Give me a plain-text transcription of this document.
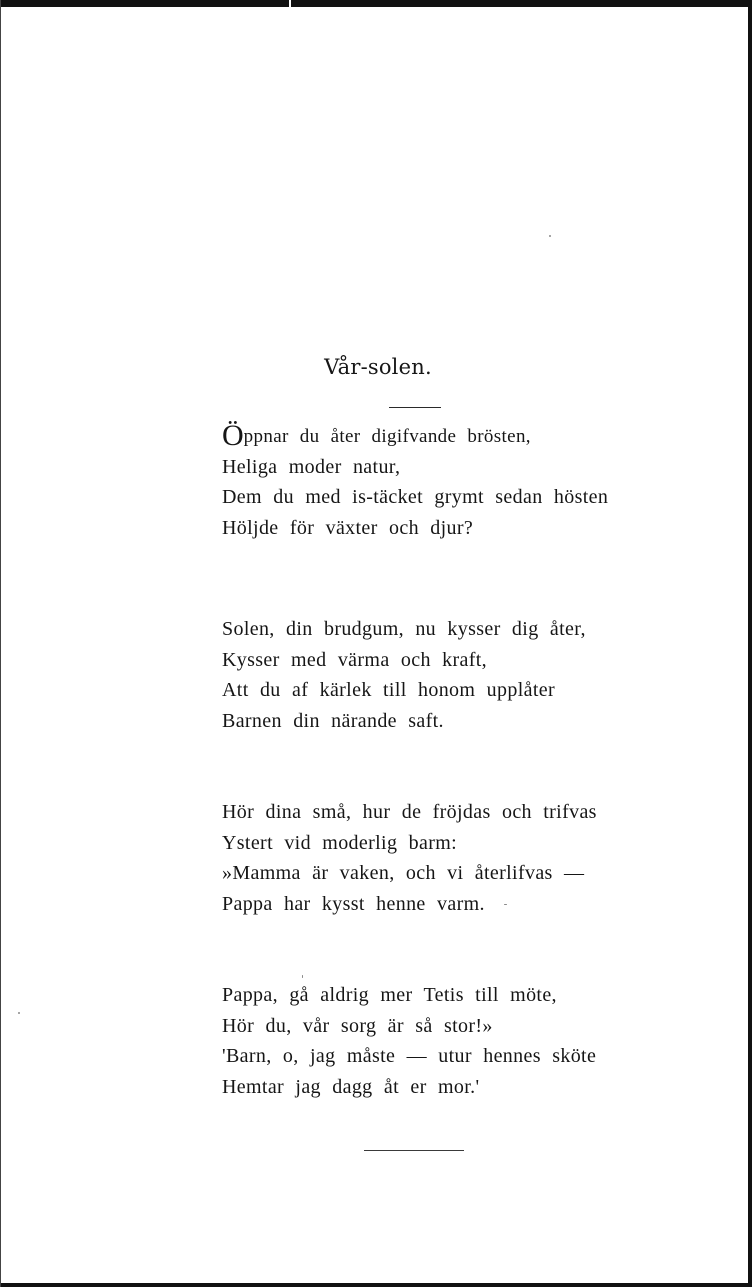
Vår-solen.
Öppnar du åter digifvande brösten,
Heliga moder natur,
Dem du med is-täcket grymt sedan hösten
Höljde för växter och djur?
Solen, din brudgum, nu kysser dig åter,
Kysser med värma och kraft,
Att du af kärlek till honom upplåter
Barnen din närande saft.
Hör dina små, hur de fröjdas och trifvas
Ystert vid moderlig barm:
»Mamma är vaken, och vi återlifvas —
Pappa har kysst henne varm.
Pappa, gå aldrig mer Tetis till möte,
Hör du, vår sorg är så stor!»
'Barn, o, jag måste — utur hennes sköte
Hemtar jag dagg åt er mor.'
